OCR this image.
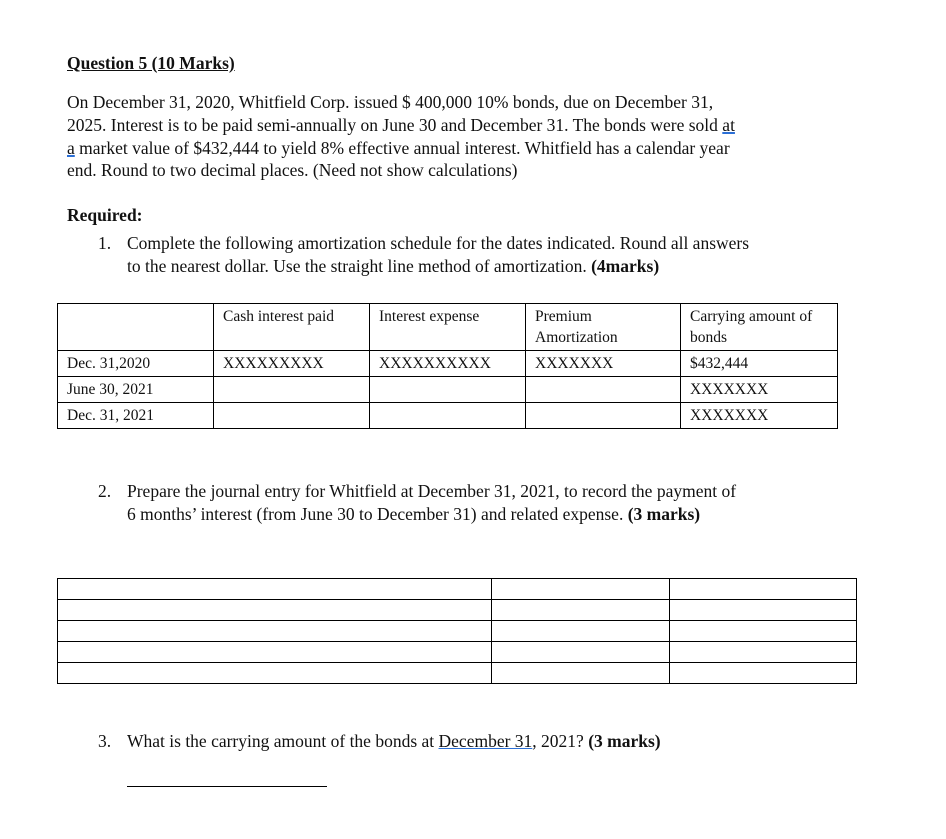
Question 5 (10 Marks)
On December 31, 2020, Whitfield Corp. issued $ 400,000 10% bonds, due on December 31,
2025. Interest is to be paid semi-annually on June 30 and December 31. The bonds were sold at
a market value of $432,444 to yield 8% effective annual interest. Whitfield has a calendar year
end. Round to two decimal places. (Need not show calculations)
Required:
1. Complete the following amortization schedule for the dates indicated. Round all answers
to the nearest dollar. Use the straight line method of amortization. (4marks)
	Cash interest paid	Interest expense	Premium Amortization	Carrying amount of bonds
Dec. 31,2020	XXXXXXXXX	XXXXXXXXXX	XXXXXXX	$432,444
June 30, 2021				XXXXXXX
Dec. 31, 2021				XXXXXXX
2. Prepare the journal entry for Whitfield at December 31, 2021, to record the payment of
6 months’ interest (from June 30 to December 31) and related expense. (3 marks)

3. What is the carrying amount of the bonds at December 31, 2021? (3 marks)
